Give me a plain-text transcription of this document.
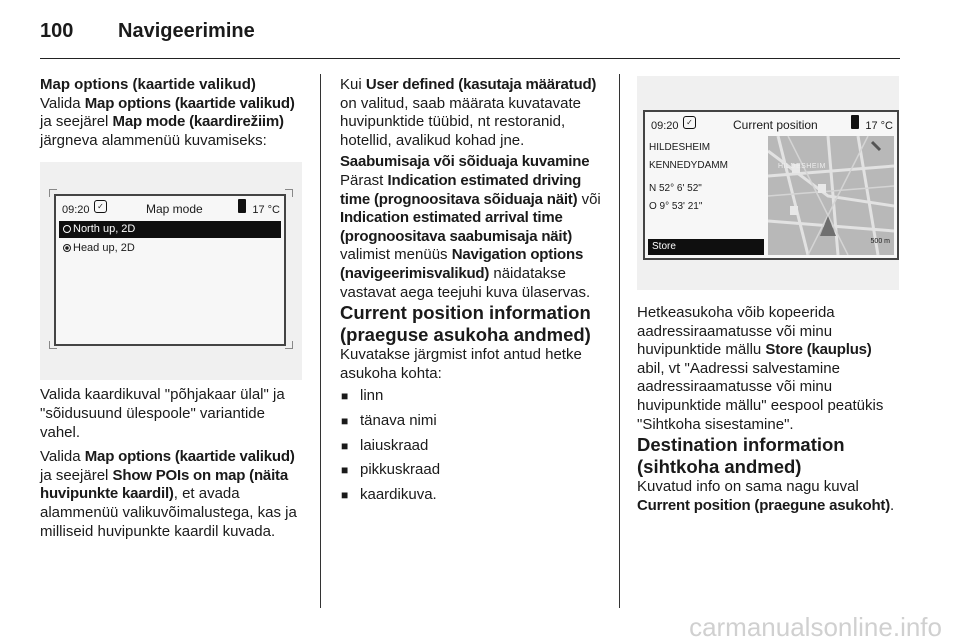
100 Navigeerimine

Map options (kaartide valikud)

Valida Map options (kaartide valikud) ja seejärel Map mode (kaardirežiim) järgneva alammenüü kuvamiseks:

09:20 ✓	Map mode	17 °C
North up, 2D
Head up, 2D

Valida kaardikuval "põhjakaar ülal" ja "sõidusuund ülespoole" variantide vahel.

Valida Map options (kaartide valikud) ja seejärel Show POIs on map (näita huvipunkte kaardil), et avada alammenüü valikuvõimalustega, kas ja milliseid huvipunkte kaardil kuvada.

Kui User defined (kasutaja määratud) on valitud, saab määrata kuvatavate huvipunktide tüübid, nt restoranid, hotellid, avalikud kohad jne.

Saabumisaja või sõiduaja kuvamine
Pärast Indication estimated driving time (prognoositava sõiduaja näit) või Indication estimated arrival time (prognoositava saabumisaja näit) valimist menüüs Navigation options (navigeerimisvalikud) näidatakse vastavat aega teejuhi kuva ülaservas.

Current position information (praeguse asukoha andmed)

Kuvatakse järgmist infot antud hetke asukoha kohta:

■ linn
■ tänava nimi
■ laiuskraad
■ pikkuskraad
■ kaardikuva.
09:20 ✓	Current position	17 °C
HILDESHEIM
KENNEDYDAMM
N 52° 6' 52"
O 9° 53' 21"
Store
HILDESHEIM
500 m

Hetkeasukoha võib kopeerida aadressiraamatusse või minu huvipunktide mällu Store (kauplus) abil, vt "Aadressi salvestamine aadressiraamatusse või minu huvipunktide mällu" eespool peatükis "Sihtkoha sisestamine".

Destination information (sihtkoha andmed)

Kuvatud info on sama nagu kuval Current position (praegune asukoht).

carmanualsonline.info
